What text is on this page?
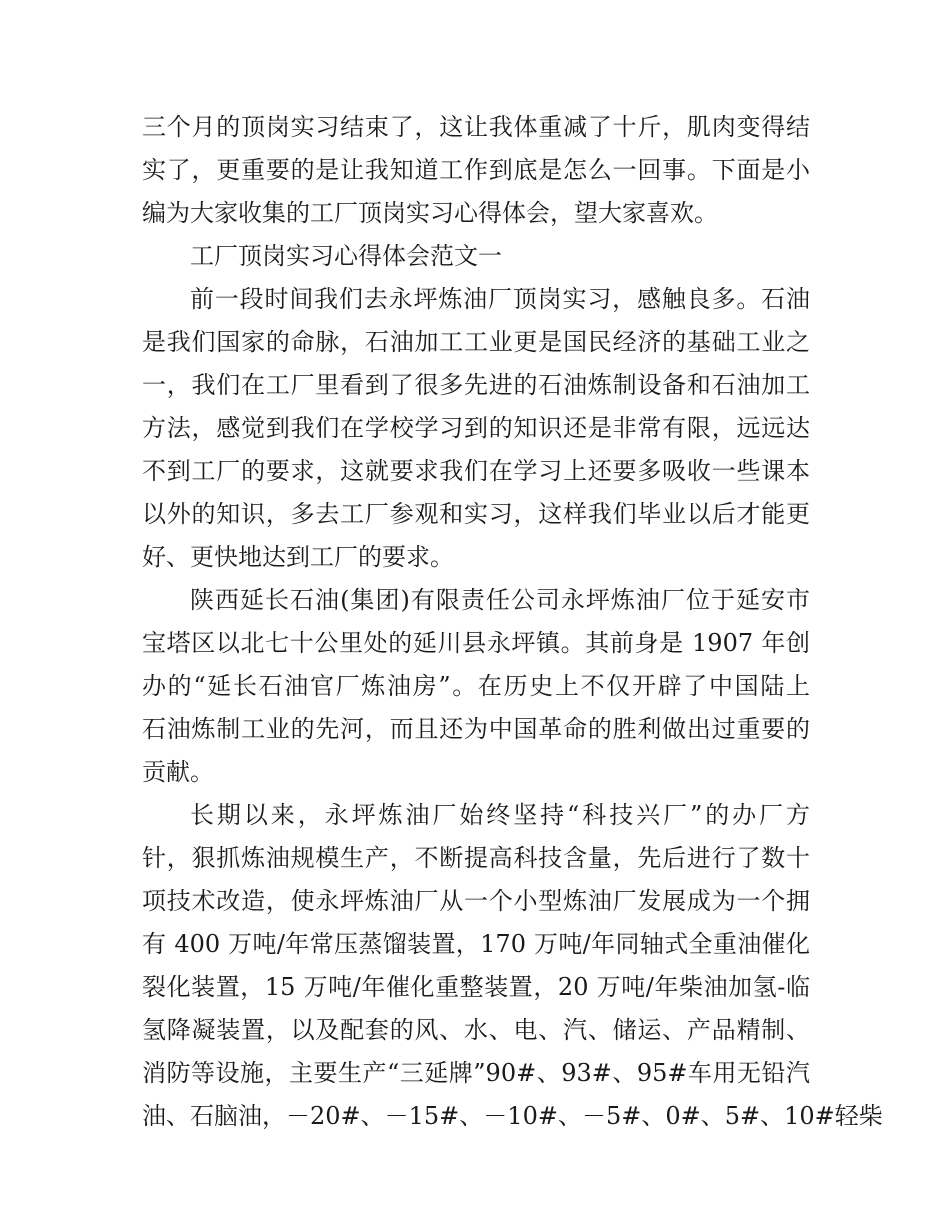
三个月的顶岗实习结束了，这让我体重减了十斤，肌肉变得结
实了，更重要的是让我知道工作到底是怎么一回事。下面是小
编为大家收集的工厂顶岗实习心得体会，望大家喜欢。
工厂顶岗实习心得体会范文一
前一段时间我们去永坪炼油厂顶岗实习，感触良多。石油
是我们国家的命脉，石油加工工业更是国民经济的基础工业之
一，我们在工厂里看到了很多先进的石油炼制设备和石油加工
方法，感觉到我们在学校学习到的知识还是非常有限，远远达
不到工厂的要求，这就要求我们在学习上还要多吸收一些课本
以外的知识，多去工厂参观和实习，这样我们毕业以后才能更
好、更快地达到工厂的要求。
陕西延长石油(集团)有限责任公司永坪炼油厂位于延安市
宝塔区以北七十公里处的延川县永坪镇。其前身是 1907 年创
办的“延长石油官厂炼油房”。在历史上不仅开辟了中国陆上
石油炼制工业的先河，而且还为中国革命的胜利做出过重要的
贡献。
长期以来，永坪炼油厂始终坚持“科技兴厂”的办厂方
针，狠抓炼油规模生产，不断提高科技含量，先后进行了数十
项技术改造，使永坪炼油厂从一个小型炼油厂发展成为一个拥
有 400 万吨/年常压蒸馏装置，170 万吨/年同轴式全重油催化
裂化装置，15 万吨/年催化重整装置，20 万吨/年柴油加氢-临
氢降凝装置，以及配套的风、水、电、汽、储运、产品精制、
消防等设施，主要生产“三延牌”90#、93#、95#车用无铅汽
油、石脑油，－20#、－15#、－10#、－5#、0#、5#、10#轻柴
